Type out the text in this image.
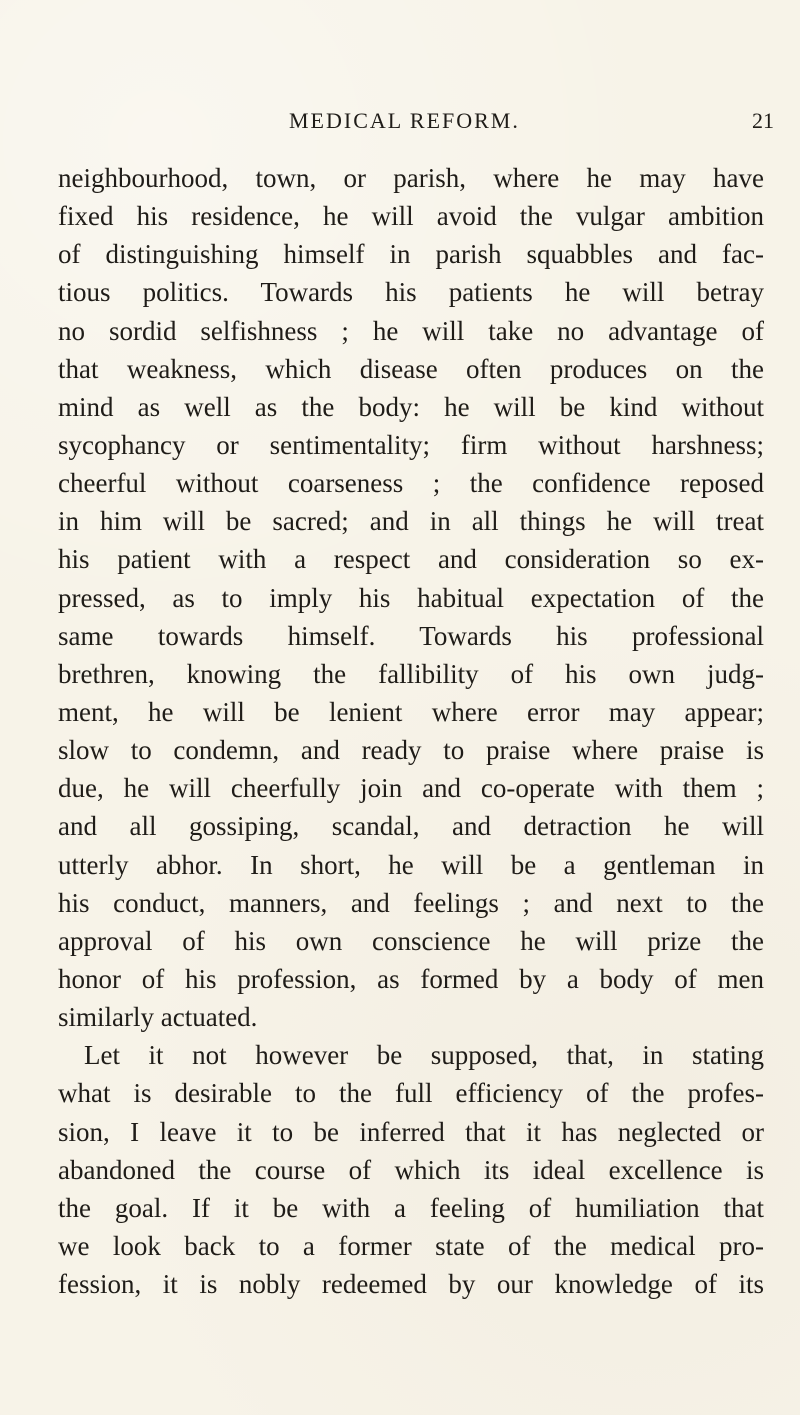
MEDICAL REFORM.	21
neighbourhood, town, or parish, where he may have
fixed his residence, he will avoid the vulgar ambition
of distinguishing himself in parish squabbles and fac-
tious politics. Towards his patients he will betray
no sordid selfishness ; he will take no advantage of
that weakness, which disease often produces on the
mind as well as the body: he will be kind without
sycophancy or sentimentality; firm without harshness;
cheerful without coarseness ; the confidence reposed
in him will be sacred; and in all things he will treat
his patient with a respect and consideration so ex-
pressed, as to imply his habitual expectation of the
same towards himself. Towards his professional
brethren, knowing the fallibility of his own judg-
ment, he will be lenient where error may appear;
slow to condemn, and ready to praise where praise is
due, he will cheerfully join and co-operate with them ;
and all gossiping, scandal, and detraction he will
utterly abhor. In short, he will be a gentleman in
his conduct, manners, and feelings ; and next to the
approval of his own conscience he will prize the
honor of his profession, as formed by a body of men
similarly actuated.
Let it not however be supposed, that, in stating
what is desirable to the full efficiency of the profes-
sion, I leave it to be inferred that it has neglected or
abandoned the course of which its ideal excellence is
the goal. If it be with a feeling of humiliation that
we look back to a former state of the medical pro-
fession, it is nobly redeemed by our knowledge of its
